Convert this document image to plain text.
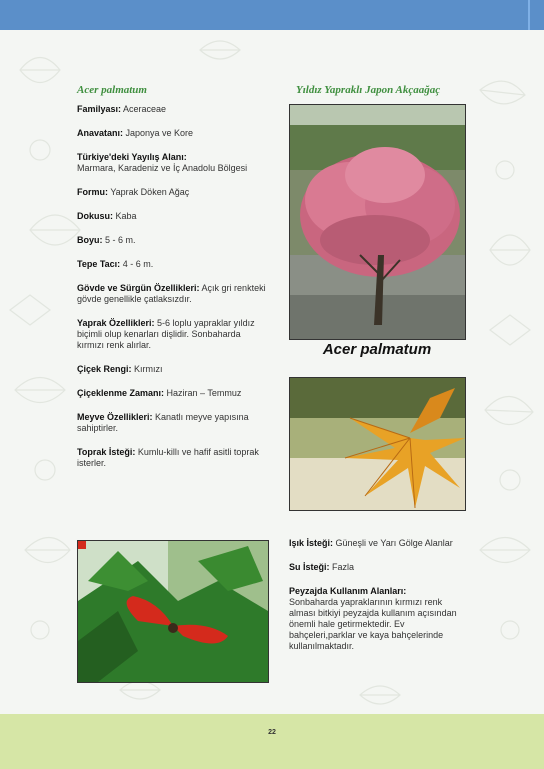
22
Acer palmatum	Yıldız Yapraklı Japon Akçaağaç
Familyası: Aceraceae
Anavatanı: Japonya ve Kore
Türkiye'deki Yayılış Alanı:
Marmara, Karadeniz ve İç Anadolu Bölgesi
Formu: Yaprak Döken Ağaç
Dokusu: Kaba
Boyu: 5 - 6 m.
Tepe Tacı: 4 - 6 m.
Gövde ve Sürgün Özellikleri: Açık gri renkteki gövde genellikle çatlaksızdır.
Yaprak Özellikleri: 5-6 loplu yapraklar yıldız biçimli olup kenarları dişlidir. Sonbaharda kırmızı renk alırlar.
Çiçek Rengi: Kırmızı
Çiçeklenme Zamanı: Haziran – Temmuz
Meyve Özellikleri: Kanatlı meyve yapısına sahiptirler.
Toprak İsteği: Kumlu-killı ve hafif asitli toprak isterler.
Acer palmatum
Işık İsteği: Güneşli ve Yarı Gölge Alanlar
Su İsteği: Fazla
Peyzajda Kullanım Alanları:
Sonbaharda yapraklarının kırmızı renk alması bitkiyi peyzajda kullanım açısından önemli hale getirmektedir. Ev bahçeleri,parklar ve kaya bahçelerinde kullanılmaktadır.
